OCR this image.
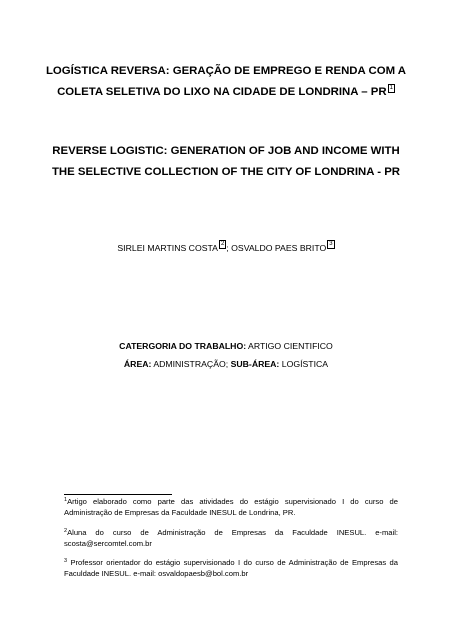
LOGÍSTICA REVERSA: GERAÇÃO DE EMPREGO E RENDA COM A
COLETA SELETIVA DO LIXO NA CIDADE DE LONDRINA – PR 1
REVERSE LOGISTIC: GENERATION OF JOB AND INCOME WITH
THE SELECTIVE COLLECTION OF THE CITY OF LONDRINA - PR
SIRLEI MARTINS COSTA 2 ; OSVALDO PAES BRITO 3
CATERGORIA DO TRABALHO: ARTIGO CIENTIFICO
ÁREA: ADMINISTRAÇÃO; SUB-ÁREA: LOGÍSTICA
$^1$Artigo elaborado como parte das atividades do estágio supervisionado I do curso de Administração de Empresas da Faculdade INESUL de Londrina, PR.
$^2$Aluna do curso de Administração de Empresas da Faculdade INESUL. e-mail: scosta@sercomtel.com.br
$^3$ Professor orientador do estágio supervisionado I do curso de Administração de Empresas da Faculdade INESUL. e-mail: osvaldopaesb@bol.com.br
